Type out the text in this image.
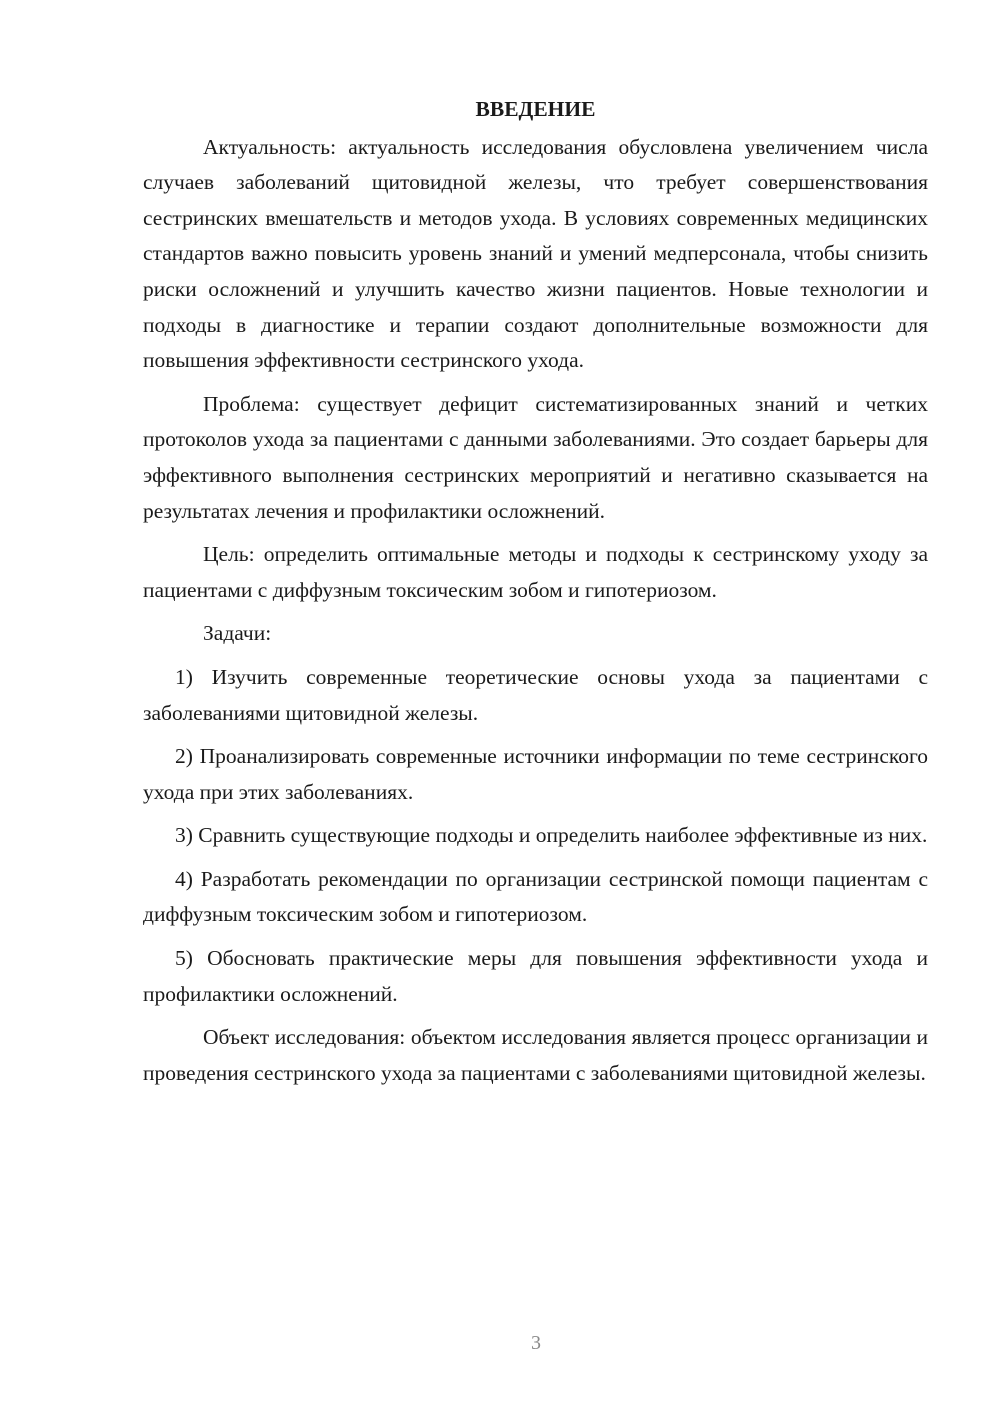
ВВЕДЕНИЕ

Актуальность: актуальность исследования обусловлена увеличением числа случаев заболеваний щитовидной железы, что требует совершенствования сестринских вмешательств и методов ухода. В условиях современных медицинских стандартов важно повысить уровень знаний и умений медперсонала, чтобы снизить риски осложнений и улучшить качество жизни пациентов. Новые технологии и подходы в диагностике и терапии создают дополнительные возможности для повышения эффективности сестринского ухода.

Проблема: существует дефицит систематизированных знаний и четких протоколов ухода за пациентами с данными заболеваниями. Это создает барьеры для эффективного выполнения сестринских мероприятий и негативно сказывается на результатах лечения и профилактики осложнений.

Цель: определить оптимальные методы и подходы к сестринскому уходу за пациентами с диффузным токсическим зобом и гипотериозом.

Задачи:

1) Изучить современные теоретические основы ухода за пациентами с заболеваниями щитовидной железы.

2) Проанализировать современные источники информации по теме сестринского ухода при этих заболеваниях.

3) Сравнить существующие подходы и определить наиболее эффективные из них.

4) Разработать рекомендации по организации сестринской помощи пациентам с диффузным токсическим зобом и гипотериозом.

5) Обосновать практические меры для повышения эффективности ухода и профилактики осложнений.

Объект исследования: объектом исследования является процесс организации и проведения сестринского ухода за пациентами с заболеваниями щитовидной железы.

3
